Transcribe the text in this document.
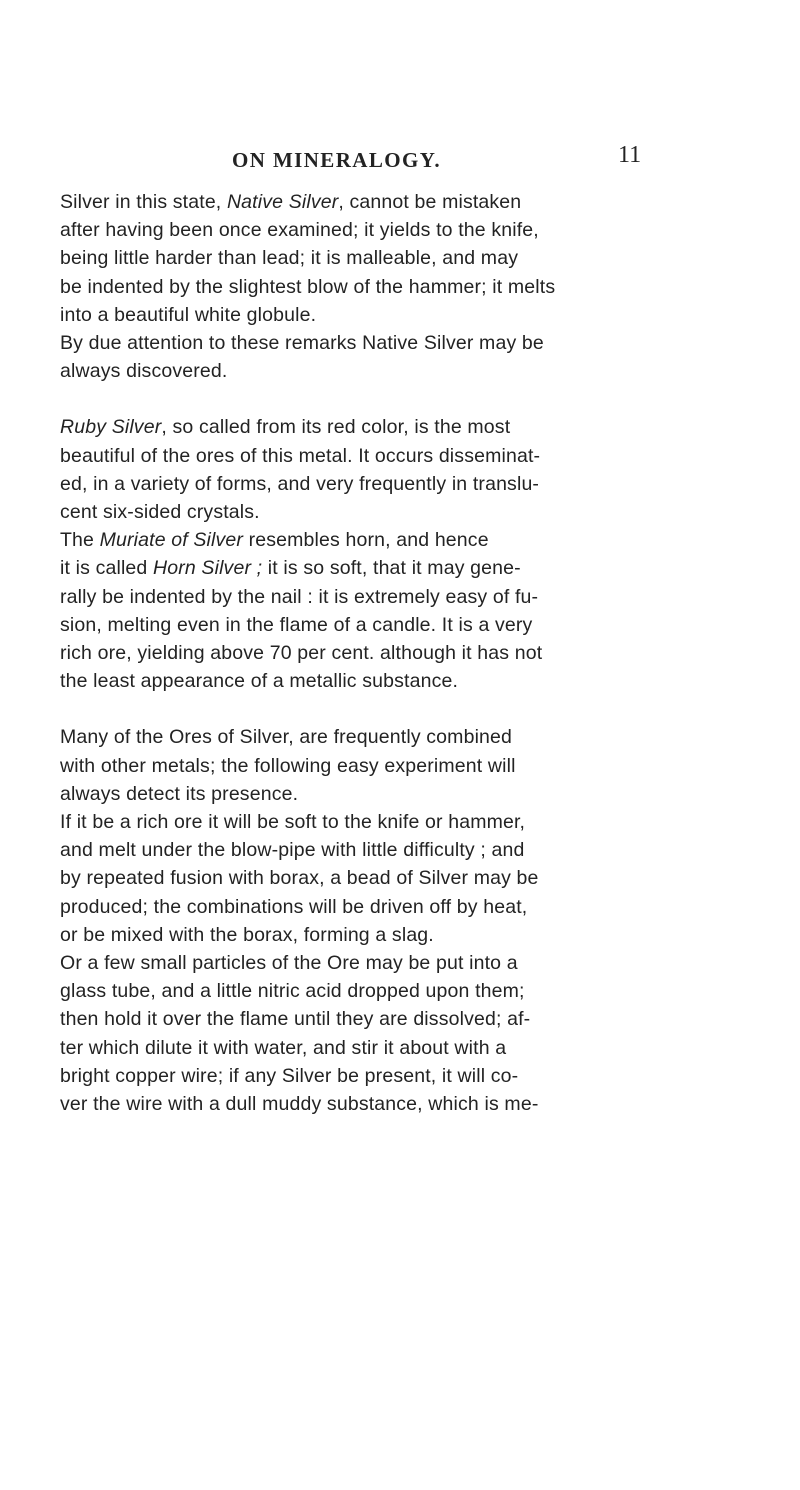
ON MINERALOGY.	11

Silver in this state, Native Silver, cannot be mistaken
after having been once examined; it yields to the knife,
being little harder than lead; it is malleable, and may
be indented by the slightest blow of the hammer; it melts
into a beautiful white globule.

By due attention to these remarks Native Silver may be
always discovered.

Ruby Silver, so called from its red color, is the most
beautiful of the ores of this metal. It occurs disseminat-
ed, in a variety of forms, and very frequently in translu-
cent six-sided crystals.

The Muriate of Silver resembles horn, and hence
it is called Horn Silver ; it is so soft, that it may gene-
rally be indented by the nail : it is extremely easy of fu-
sion, melting even in the flame of a candle. It is a very
rich ore, yielding above 70 per cent. although it has not
the least appearance of a metallic substance.

Many of the Ores of Silver, are frequently combined
with other metals; the following easy experiment will
always detect its presence.

If it be a rich ore it will be soft to the knife or hammer,
and melt under the blow-pipe with little difficulty ; and
by repeated fusion with borax, a bead of Silver may be
produced; the combinations will be driven off by heat,
or be mixed with the borax, forming a slag.

Or a few small particles of the Ore may be put into a
glass tube, and a little nitric acid dropped upon them;
then hold it over the flame until they are dissolved; af-
ter which dilute it with water, and stir it about with a
bright copper wire; if any Silver be present, it will co-
ver the wire with a dull muddy substance, which is me-
